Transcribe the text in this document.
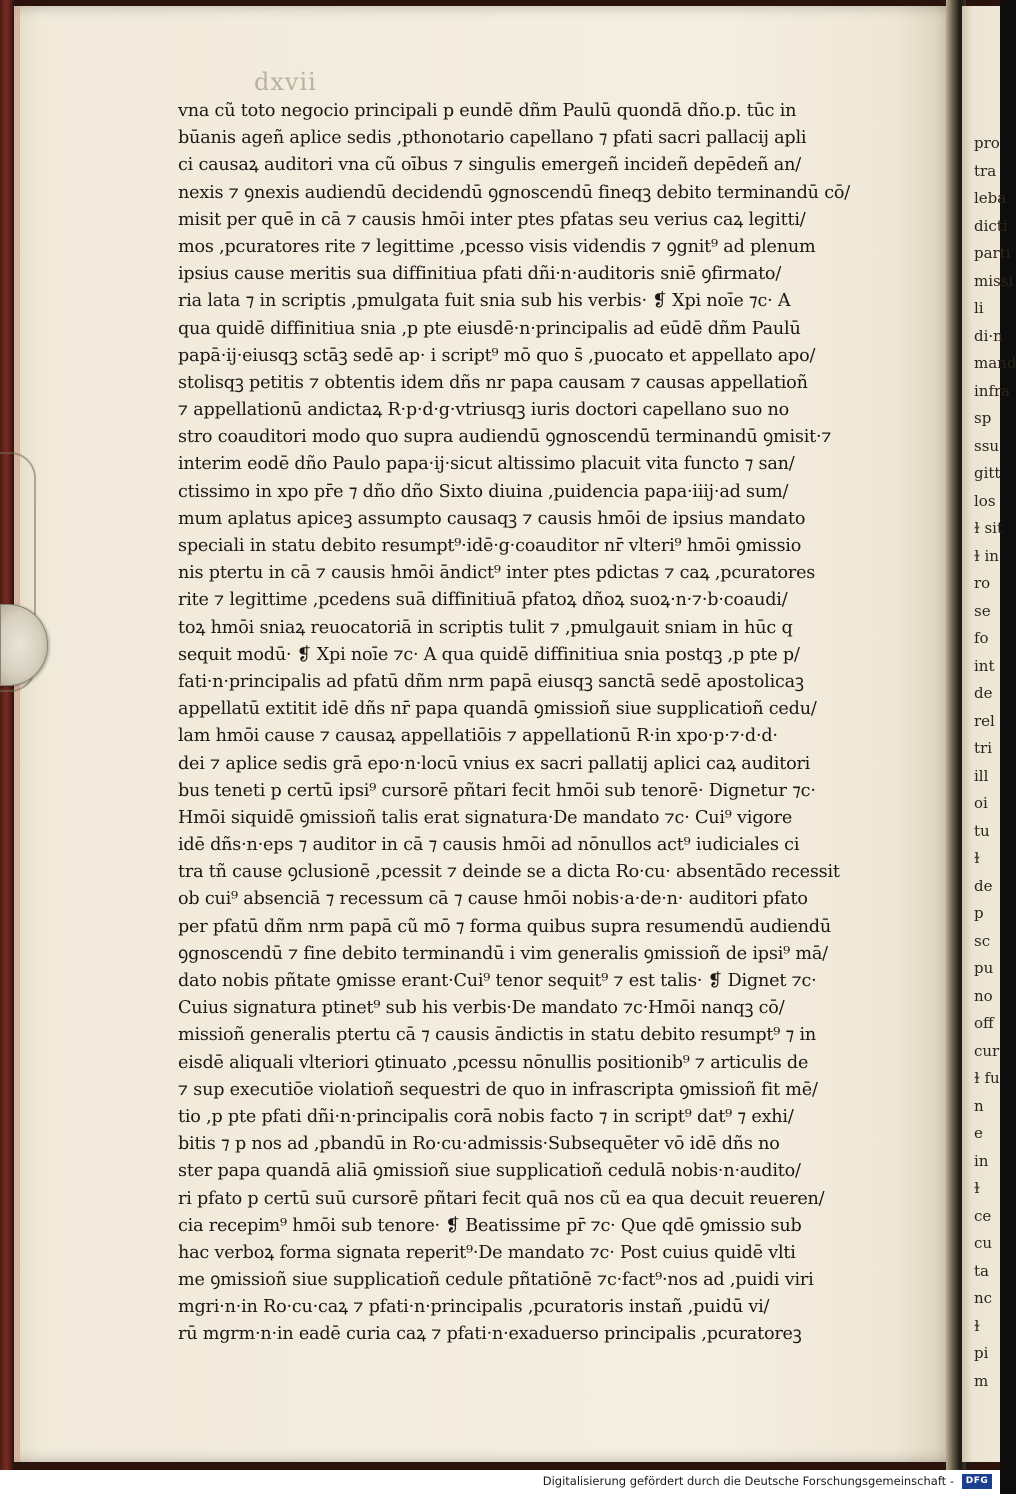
pro
tra
leba
dicti
parti
missi
li
di·n
mand
infra
sp
ssu
gitt
los
ɫ sit
ɫ in
ro
se
fo
int
de
rel
tri
ill
oi
tu
ɫ
de
p
sc
pu
no
off
cur
ɫ fu
n
e
in
ɫ
ce
cu
ta
nc
ɫ
pi
m
dxvii
vna cũ toto negocio principali p eundē dñm Paulū quondā dño.p. tūc in
būanis ageñ aplice sedis ,pthonotario capellano ⁊ pfati sacri pallacij apli
ci causaꝝ auditori vna cũ oībus ⁊ singulis emergeñ incideñ depēdeñ an/
nexis ⁊ ꝯnexis audiendū decidendū ꝯgnoscendū fineqꝫ debito terminandū cō/
misit per quē in cā ⁊ causis hmōi inter ptes pfatas seu verius caꝝ legitti/
mos ,pcuratores rite ⁊ legittime ,pcesso visis videndis ⁊ ꝯgnit⁹ ad plenum
ipsius cause meritis sua diffinitiua pfati dñi·n·auditoris sniē ꝯfirmato/
ria lata ⁊ in scriptis ,pmulgata fuit snia sub his verbis· ❡ Xpi noīe ⁊c· A
qua quidē diffinitiua snia ,p pte eiusdē·n·principalis ad eūdē dñm Paulū
papā·ij·eiusqꝫ sctāꝫ sedē ap· i script⁹ mō quo s̄ ,puocato et appellato apo/
stolisqꝫ petitis ⁊ obtentis idem dñs nr papa causam ⁊ causas appellatioñ
⁊ appellationū andictaꝝ R·p·d·g·vtriusqꝫ iuris doctori capellano suo no
stro coauditori modo quo supra audiendū ꝯgnoscendū terminandū ꝯmisit·⁊
interim eodē dño Paulo papa·ij·sicut altissimo placuit vita functo ⁊ san/
ctissimo in xpo pr̄e ⁊ dño dño Sixto diuina ,puidencia papa·iiij·ad sum/
mum aplatus apiceꝫ assumpto causaqꝫ ⁊ causis hmōi de ipsius mandato
speciali in statu debito resumpt⁹·idē·g·coauditor nr̄ vlteri⁹ hmōi ꝯmissio
nis ptertu in cā ⁊ causis hmōi āndict⁹ inter ptes pdictas ⁊ caꝝ ,pcuratores
rite ⁊ legittime ,pcedens suā diffinitiuā pfatoꝝ dñoꝝ suoꝝ·n·⁊·b·coaudi/
toꝝ hmōi sniaꝝ reuocatoriā in scriptis tulit ⁊ ,pmulgauit sniam in hūc q
sequit modū· ❡ Xpi noīe ⁊c· A qua quidē diffinitiua snia postqꝫ ,p pte p/
fati·n·principalis ad pfatū dñm nrm papā eiusqꝫ sanctā sedē apostolicaꝫ
appellatū extitit idē dñs nr̄ papa quandā ꝯmissioñ siue supplicatioñ cedu/
lam hmōi cause ⁊ causaꝝ appellatiōis ⁊ appellationū R·in xpo·p·⁊·d·d·
dei ⁊ aplice sedis grā epo·n·locū vnius ex sacri pallatij aplici caꝝ auditori
bus teneti p certū ipsi⁹ cursorē pñtari fecit hmōi sub tenorē· Dignetur ⁊c·
Hmōi siquidē ꝯmissioñ talis erat signatura·De mandato ⁊c· Cui⁹ vigore
idē dñs·n·eps ⁊ auditor in cā ⁊ causis hmōi ad nōnullos act⁹ iudiciales ci
tra tñ cause ꝯclusionē ,pcessit ⁊ deinde se a dicta Ro·cu· absentādo recessit
ob cui⁹ absenciā ⁊ recessum cā ⁊ cause hmōi nobis·a·de·n· auditori pfato
per pfatū dñm nrm papā cũ mō ⁊ forma quibus supra resumendū audiendū
ꝯgnoscendū ⁊ fine debito terminandū i vim generalis ꝯmissioñ de ipsi⁹ mā/
dato nobis pñtate ꝯmisse erant·Cui⁹ tenor sequit⁹ ⁊ est talis· ❡ Dignet ⁊c·
Cuius signatura ptinet⁹ sub his verbis·De mandato ⁊c·Hmōi nanqꝫ cō/
missioñ generalis ptertu cā ⁊ causis āndictis in statu debito resumpt⁹ ⁊ in
eisdē aliquali vlteriori ꝯtinuato ,pcessu nōnullis positionib⁹ ⁊ articulis de
⁊ sup executiōe violatioñ sequestri de quo in infrascripta ꝯmissioñ fit mē/
tio ,p pte pfati dñi·n·principalis corā nobis facto ⁊ in script⁹ dat⁹ ⁊ exhi/
bitis ⁊ p nos ad ,pbandū in Ro·cu·admissis·Subsequēter vō idē dñs no
ster papa quandā aliā ꝯmissioñ siue supplicatioñ cedulā nobis·n·audito/
ri pfato p certū suū cursorē pñtari fecit quā nos cũ ea qua decuit reueren/
cia recepim⁹ hmōi sub tenore· ❡ Beatissime pr̄ ⁊c· Que qdē ꝯmissio sub
hac verboꝝ forma signata reperit⁹·De mandato ⁊c· Post cuius quidē vlti
me ꝯmissioñ siue supplicatioñ cedule pñtatiōnē ⁊c·fact⁹·nos ad ,puidi viri
mgri·n·in Ro·cu·caꝝ ⁊ pfati·n·principalis ,pcuratoris instañ ,puidū vi/
rū mgrm·n·in eadē curia caꝝ ⁊ pfati·n·exaduerso principalis ,pcuratoreꝫ
Digitalisierung gefördert durch die Deutsche Forschungsgemeinschaft -	DFG
